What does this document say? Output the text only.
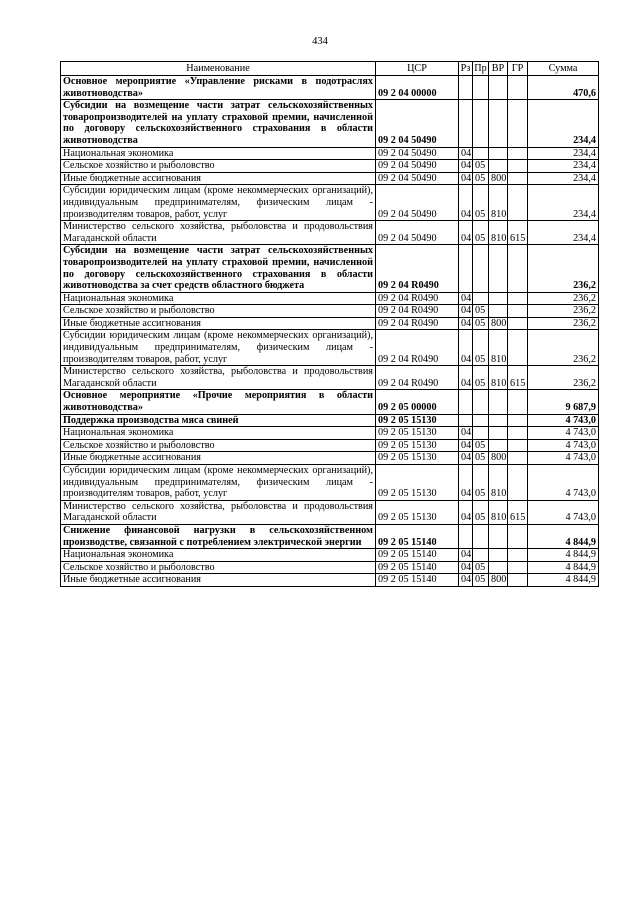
434
Наименование	ЦСР	Рз	Пр	ВР	ГР	Сумма
Основное мероприятие «Управление рисками в подотраслях животноводства»	09 2 04 00000					470,6
Субсидии на возмещение части затрат сельскохозяйственных товаропроизводителей на уплату страховой премии, начисленной по договору сельскохозяйственного страхования в области животноводства	09 2 04 50490					234,4
Национальная экономика	09 2 04 50490	04				234,4
Сельское хозяйство и рыболовство	09 2 04 50490	04	05			234,4
Иные бюджетные ассигнования	09 2 04 50490	04	05	800		234,4
Субсидии юридическим лицам (кроме некоммерческих организаций), индивидуальным предпринимателям, физическим лицам - производителям товаров, работ, услуг	09 2 04 50490	04	05	810		234,4
Министерство сельского хозяйства, рыболовства и продовольствия Магаданской области	09 2 04 50490	04	05	810	615	234,4
Субсидии на возмещение части затрат сельскохозяйственных товаропроизводителей на уплату страховой премии, начисленной по договору сельскохозяйственного страхования в области животноводства за счет средств областного бюджета	09 2 04 R0490					236,2
Национальная экономика	09 2 04 R0490	04				236,2
Сельское хозяйство и рыболовство	09 2 04 R0490	04	05			236,2
Иные бюджетные ассигнования	09 2 04 R0490	04	05	800		236,2
Субсидии юридическим лицам (кроме некоммерческих организаций), индивидуальным предпринимателям, физическим лицам - производителям товаров, работ, услуг	09 2 04 R0490	04	05	810		236,2
Министерство сельского хозяйства, рыболовства и продовольствия Магаданской области	09 2 04 R0490	04	05	810	615	236,2
Основное мероприятие «Прочие мероприятия в области животноводства»	09 2 05 00000					9 687,9
Поддержка производства мяса свиней	09 2 05 15130					4 743,0
Национальная экономика	09 2 05 15130	04				4 743,0
Сельское хозяйство и рыболовство	09 2 05 15130	04	05			4 743,0
Иные бюджетные ассигнования	09 2 05 15130	04	05	800		4 743,0
Субсидии юридическим лицам (кроме некоммерческих организаций), индивидуальным предпринимателям, физическим лицам - производителям товаров, работ, услуг	09 2 05 15130	04	05	810		4 743,0
Министерство сельского хозяйства, рыболовства и продовольствия Магаданской области	09 2 05 15130	04	05	810	615	4 743,0
Снижение финансовой нагрузки в сельскохозяйственном производстве, связанной с потреблением электрической энергии	09 2 05 15140					4 844,9
Национальная экономика	09 2 05 15140	04				4 844,9
Сельское хозяйство и рыболовство	09 2 05 15140	04	05			4 844,9
Иные бюджетные ассигнования	09 2 05 15140	04	05	800		4 844,9
